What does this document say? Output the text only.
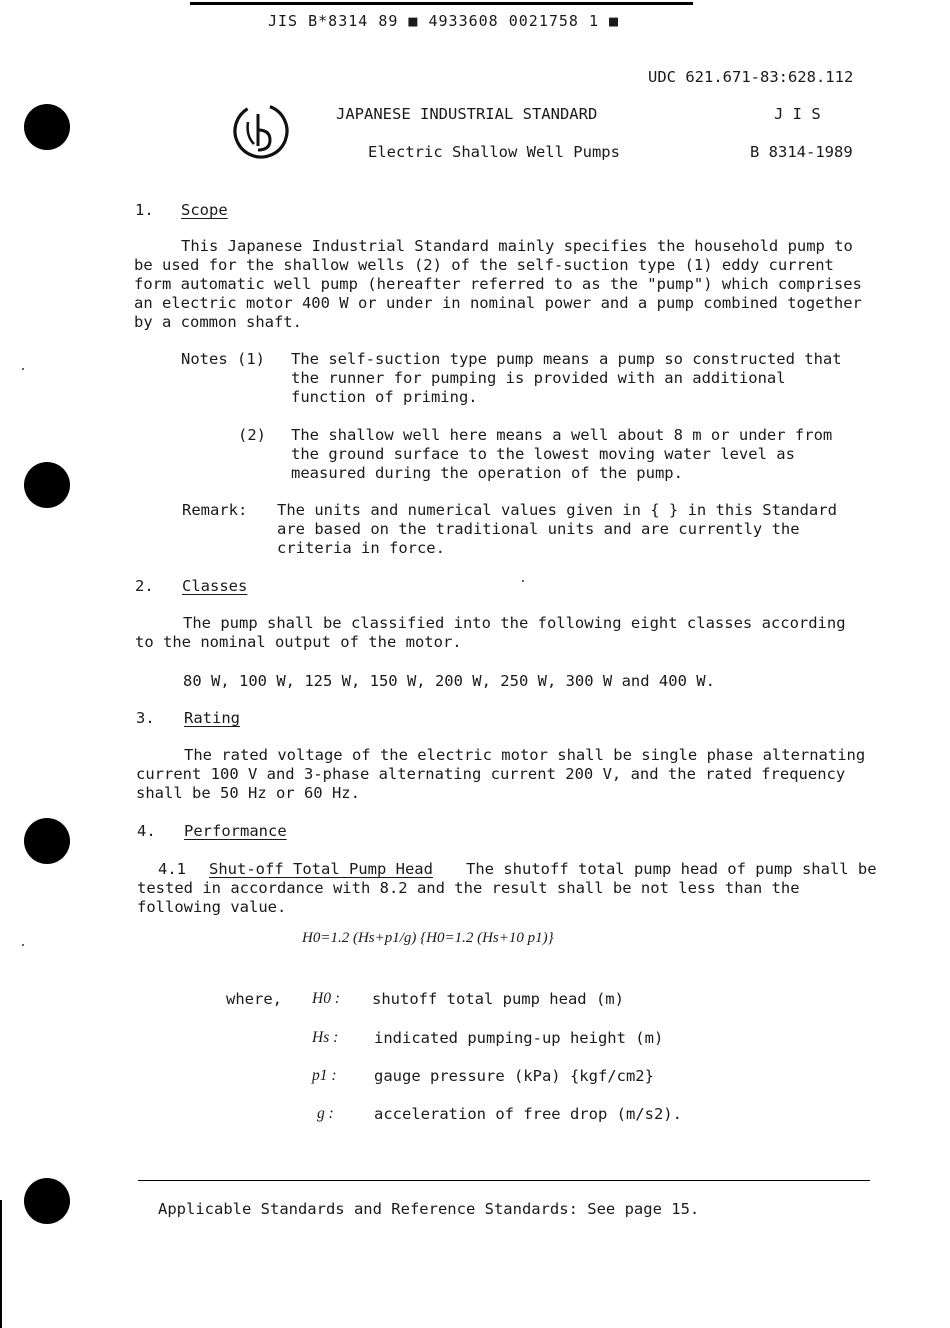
JIS B*8314 89 ■ 4933608 0021758 1 ■
UDC 621.671-83:628.112
JAPANESE INDUSTRIAL STANDARD	J I S
Electric Shallow Well Pumps	B 8314-1989
1. Scope
This Japanese Industrial Standard mainly specifies the household pump to be used for the shallow wells (2) of the self-suction type (1) eddy current form automatic well pump (hereafter referred to as the "pump") which comprises an electric motor 400 W or under in nominal power and a pump combined together by a common shaft.
Notes (1) The self-suction type pump means a pump so constructed that the runner for pumping is provided with an additional function of priming.
(2) The shallow well here means a well about 8 m or under from the ground surface to the lowest moving water level as measured during the operation of the pump.
Remark: The units and numerical values given in { } in this Standard are based on the traditional units and are currently the criteria in force.
2. Classes
The pump shall be classified into the following eight classes according to the nominal output of the motor.
80 W, 100 W, 125 W, 150 W, 200 W, 250 W, 300 W and 400 W.
3. Rating
The rated voltage of the electric motor shall be single phase alternating current 100 V and 3-phase alternating current 200 V, and the rated frequency shall be 50 Hz or 60 Hz.
4. Performance
4.1 Shut-off Total Pump Head The shutoff total pump head of pump shall be
tested in accordance with 8.2 and the result shall be not less than the following value.
H0=1.2 (Hs+p1/g) {H0=1.2 (Hs+10 p1)}
where, H0 : shutoff total pump head (m)
Hs : indicated pumping-up height (m)
p1 : gauge pressure (kPa) {kgf/cm2}
g :	acceleration of free drop (m/s2).
Applicable Standards and Reference Standards: See page 15.
